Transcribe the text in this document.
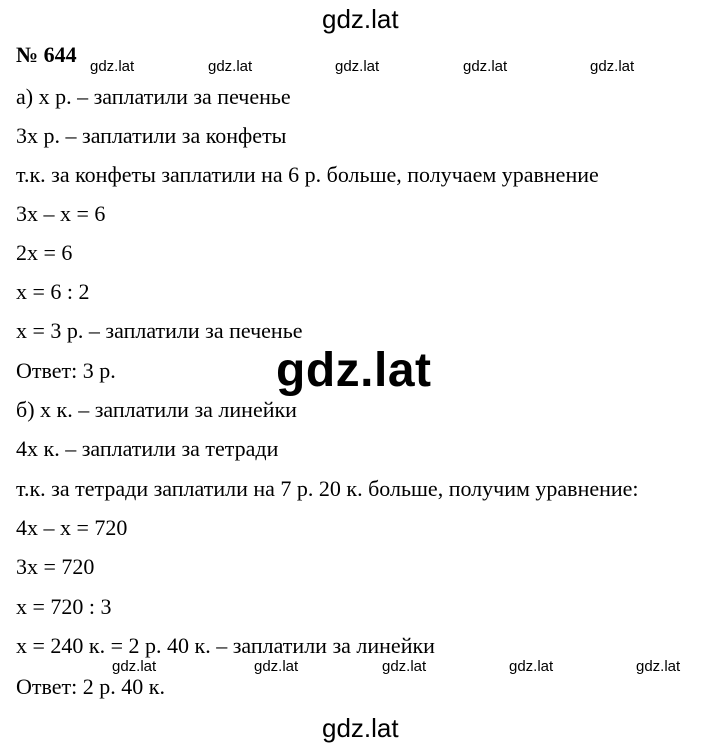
gdz.lat
№ 644 gdz.lat	gdz.lat	gdz.lat	gdz.lat	gdz.lat
а) x р. – заплатили за печенье
3x р. – заплатили за конфеты
т.к. за конфеты заплатили на 6 р. больше, получаем уравнение
3x – x = 6
2x = 6
x = 6 : 2
x = 3 р. – заплатили за печенье
Ответ: 3 р.	gdz.lat
б) x к. – заплатили за линейки
4x к. – заплатили за тетради
т.к. за тетради заплатили на 7 р. 20 к. больше, получим уравнение:
4x – x = 720
3x = 720
x = 720 : 3
x = 240 к. = 2 р. 40 к. – заплатили за линейки
gdz.lat	gdz.lat	gdz.lat	gdz.lat	gdz.lat
Ответ: 2 р. 40 к.
gdz.lat
